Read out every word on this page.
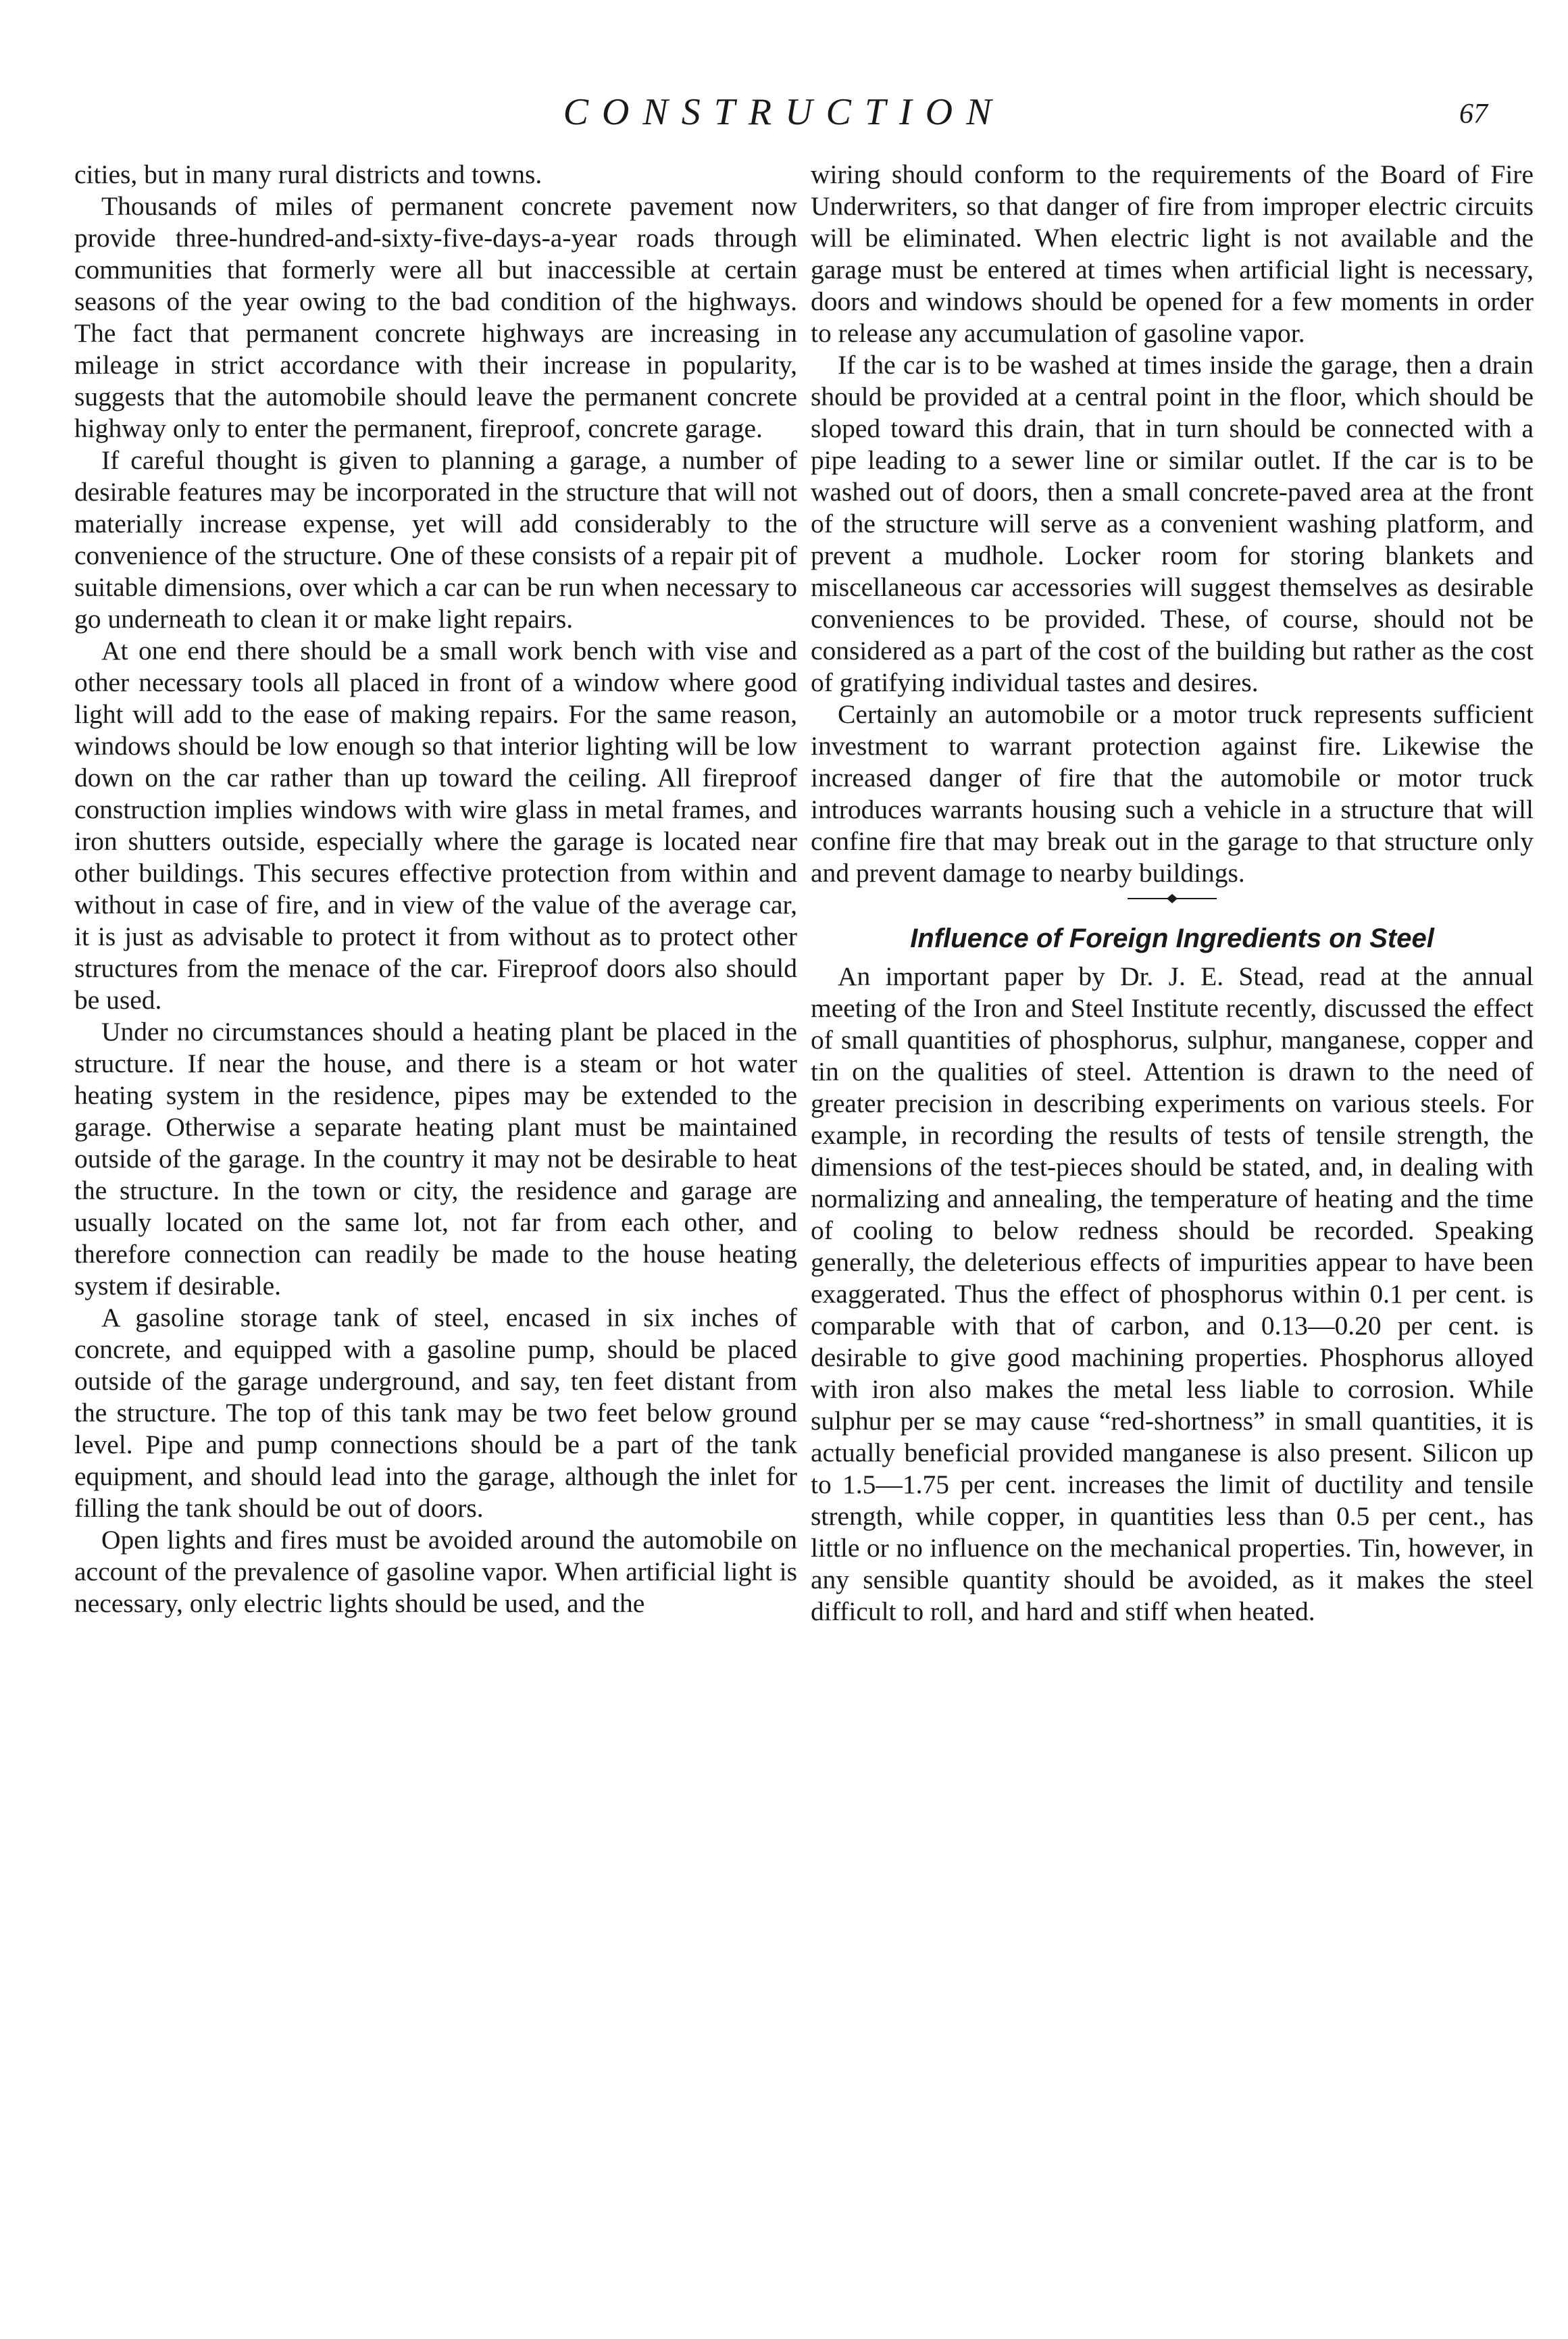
CONSTRUCTION	67

cities, but in many rural districts and towns.

Thousands of miles of permanent concrete pavement now provide three-hundred-and-sixty-five-days-a-year roads through communities that formerly were all but inaccessible at certain seasons of the year owing to the bad condition of the highways. The fact that permanent concrete highways are increasing in mileage in strict accordance with their increase in popularity, suggests that the automobile should leave the permanent concrete highway only to enter the permanent, fireproof, concrete garage.

If careful thought is given to planning a garage, a number of desirable features may be incorporated in the structure that will not materially increase expense, yet will add considerably to the convenience of the structure. One of these consists of a repair pit of suitable dimensions, over which a car can be run when necessary to go underneath to clean it or make light repairs.

At one end there should be a small work bench with vise and other necessary tools all placed in front of a window where good light will add to the ease of making repairs. For the same reason, windows should be low enough so that interior lighting will be low down on the car rather than up toward the ceiling. All fireproof construction implies windows with wire glass in metal frames, and iron shutters outside, especially where the garage is located near other buildings. This secures effective protection from within and without in case of fire, and in view of the value of the average car, it is just as advisable to protect it from without as to protect other structures from the menace of the car. Fireproof doors also should be used.

Under no circumstances should a heating plant be placed in the structure. If near the house, and there is a steam or hot water heating system in the residence, pipes may be extended to the garage. Otherwise a separate heating plant must be maintained outside of the garage. In the country it may not be desirable to heat the structure. In the town or city, the residence and garage are usually located on the same lot, not far from each other, and therefore connection can readily be made to the house heating system if desirable.

A gasoline storage tank of steel, encased in six inches of concrete, and equipped with a gasoline pump, should be placed outside of the garage underground, and say, ten feet distant from the structure. The top of this tank may be two feet below ground level. Pipe and pump connections should be a part of the tank equipment, and should lead into the garage, although the inlet for filling the tank should be out of doors.

Open lights and fires must be avoided around the automobile on account of the prevalence of gasoline vapor. When artificial light is necessary, only electric lights should be used, and the

wiring should conform to the requirements of the Board of Fire Underwriters, so that danger of fire from improper electric circuits will be eliminated. When electric light is not available and the garage must be entered at times when artificial light is necessary, doors and windows should be opened for a few moments in order to release any accumulation of gasoline vapor.

If the car is to be washed at times inside the garage, then a drain should be provided at a central point in the floor, which should be sloped toward this drain, that in turn should be connected with a pipe leading to a sewer line or similar outlet. If the car is to be washed out of doors, then a small concrete-paved area at the front of the structure will serve as a convenient washing platform, and prevent a mudhole. Locker room for storing blankets and miscellaneous car accessories will suggest themselves as desirable conveniences to be provided. These, of course, should not be considered as a part of the cost of the building but rather as the cost of gratifying individual tastes and desires.

Certainly an automobile or a motor truck represents sufficient investment to warrant protection against fire. Likewise the increased danger of fire that the automobile or motor truck introduces warrants housing such a vehicle in a structure that will confine fire that may break out in the garage to that structure only and prevent damage to nearby buildings.

Influence of Foreign Ingredients on Steel

An important paper by Dr. J. E. Stead, read at the annual meeting of the Iron and Steel Institute recently, discussed the effect of small quantities of phosphorus, sulphur, manganese, copper and tin on the qualities of steel. Attention is drawn to the need of greater precision in describing experiments on various steels. For example, in recording the results of tests of tensile strength, the dimensions of the test-pieces should be stated, and, in dealing with normalizing and annealing, the temperature of heating and the time of cooling to below redness should be recorded. Speaking generally, the deleterious effects of impurities appear to have been exaggerated. Thus the effect of phosphorus within 0.1 per cent. is comparable with that of carbon, and 0.13—0.20 per cent. is desirable to give good machining properties. Phosphorus alloyed with iron also makes the metal less liable to corrosion. While sulphur per se may cause “red-shortness” in small quantities, it is actually beneficial provided manganese is also present. Silicon up to 1.5—1.75 per cent. increases the limit of ductility and tensile strength, while copper, in quantities less than 0.5 per cent., has little or no influence on the mechanical properties. Tin, however, in any sensible quantity should be avoided, as it makes the steel difficult to roll, and hard and stiff when heated.
